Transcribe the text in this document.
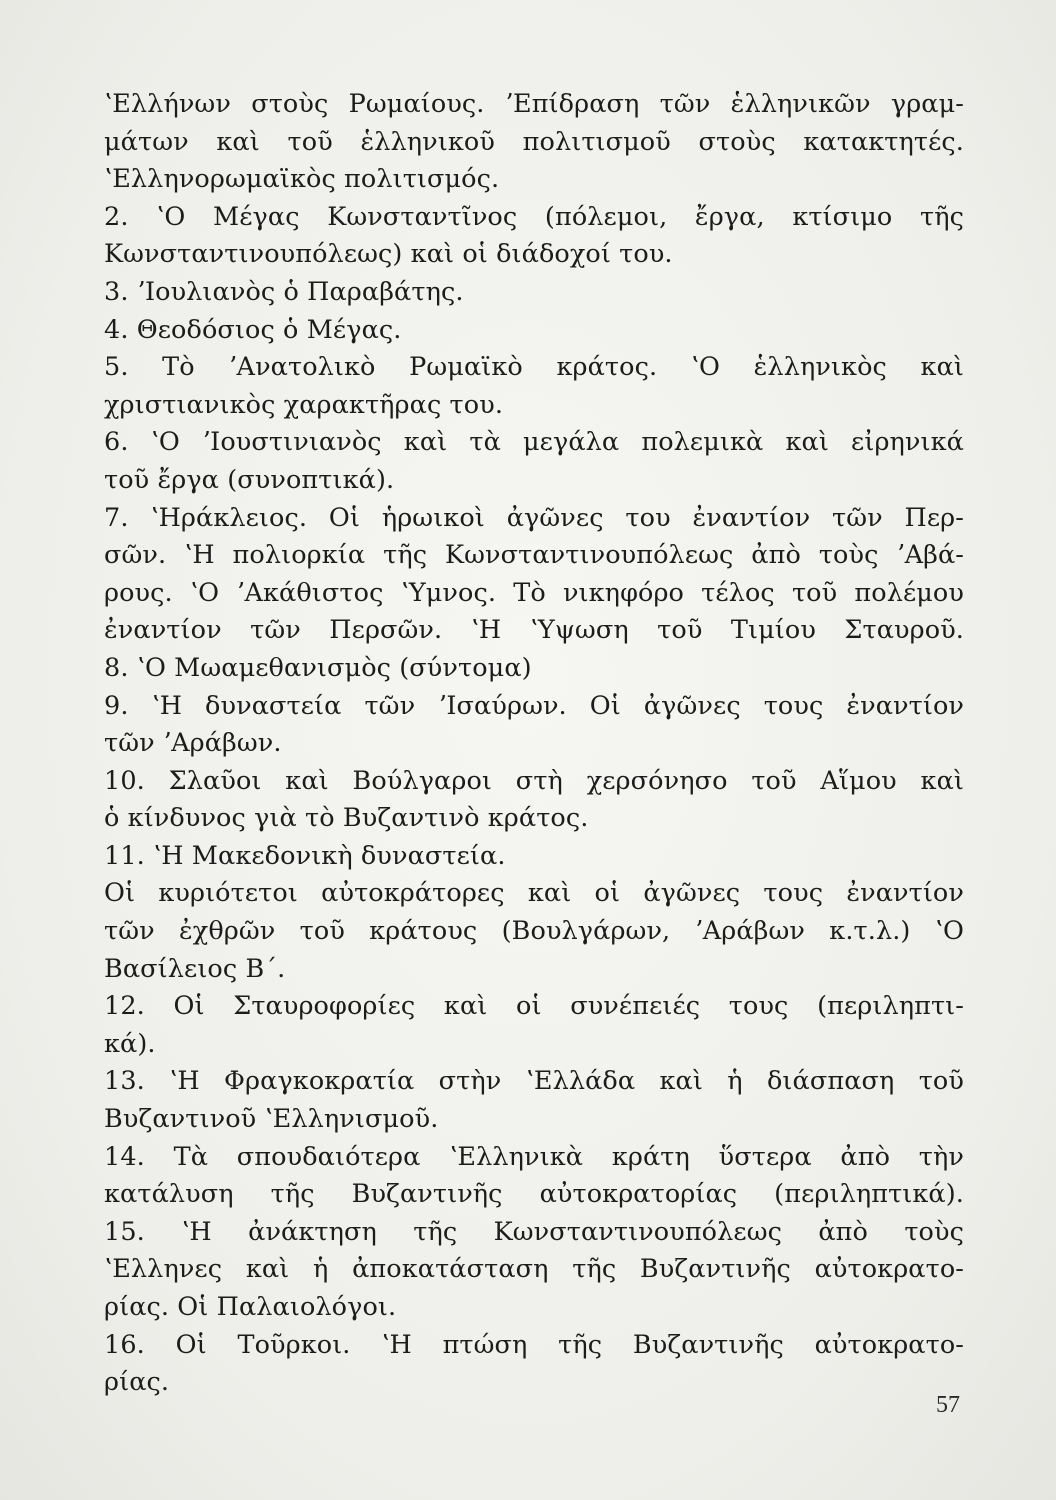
ʽΕλλήνων στοὺς Ρωμαίους. ʼΕπίδραση τῶν ἑλληνικῶν γραμ-
μάτων καὶ τοῦ ἑλληνικοῦ πολιτισμοῦ στοὺς κατακτητές.
ʽΕλληνορωμαϊκὸς πολιτισμός.
2. ʽΟ Μέγας Κωνσταντῖνος (πόλεμοι, ἔργα, κτίσιμο τῆς
Κωνσταντινουπόλεως) καὶ οἱ διάδοχοί του.
3. ʼΙουλιανὸς ὁ Παραβάτης.
4. Θεοδόσιος ὁ Μέγας.
5. Τὸ ʼΑνατολικὸ Ρωμαϊκὸ κράτος. ʽΟ ἑλληνικὸς καὶ
χριστιανικὸς χαρακτῆρας του.
6. ʽΟ ʼΙουστινιανὸς καὶ τὰ μεγάλα πολεμικὰ καὶ εἰρηνικά
τοῦ ἔργα (συνοπτικά).
7. ʽΗράκλειος. Οἱ ἡρωικοὶ ἀγῶνες του ἐναντίον τῶν Περ-
σῶν. ʽΗ πολιορκία τῆς Κωνσταντινουπόλεως ἀπὸ τοὺς ʼΑβά-
ρους. ʽΟ ʼΑκάθιστος ʽΥμνος. Τὸ νικηφόρο τέλος τοῦ πολέμου
ἐναντίον τῶν Περσῶν. ʽΗ ʽΥψωση τοῦ Τιμίου Σταυροῦ.
8. ʽΟ Μωαμεθανισμὸς (σύντομα)
9. ʽΗ δυναστεία τῶν ʼΙσαύρων. Οἱ ἀγῶνες τους ἐναντίον
τῶν ʼΑράβων.
10. Σλαῦοι καὶ Βούλγαροι στὴ χερσόνησο τοῦ Αἵμου καὶ
ὁ κίνδυνος γιὰ τὸ Βυζαντινὸ κράτος.
11. ʽΗ Μακεδονικὴ δυναστεία.
Οἱ κυριότετοι αὐτοκράτορες καὶ οἱ ἀγῶνες τους ἐναντίον
τῶν ἐχθρῶν τοῦ κράτους (Βουλγάρων, ʼΑράβων κ.τ.λ.) ʽΟ
Βασίλειος Β΄.
12. Οἱ Σταυροφορίες καὶ οἱ συνέπειές τους (περιληπτι-
κά).
13. ʽΗ Φραγκοκρατία στὴν ʽΕλλάδα καὶ ἡ διάσπαση τοῦ
Βυζαντινοῦ ʽΕλληνισμοῦ.
14. Τὰ σπουδαιότερα ʽΕλληνικὰ κράτη ὕστερα ἀπὸ τὴν
κατάλυση τῆς Βυζαντινῆς αὐτοκρατορίας (περιληπτικά).
15. ʽΗ ἀνάκτηση τῆς Κωνσταντινουπόλεως ἀπὸ τοὺς
ʽΕλληνες καὶ ἡ ἀποκατάσταση τῆς Βυζαντινῆς αὐτοκρατο-
ρίας. Οἱ Παλαιολόγοι.
16. Οἱ Τοῦρκοι. ʽΗ πτώση τῆς Βυζαντινῆς αὐτοκρατο-
ρίας.
57
